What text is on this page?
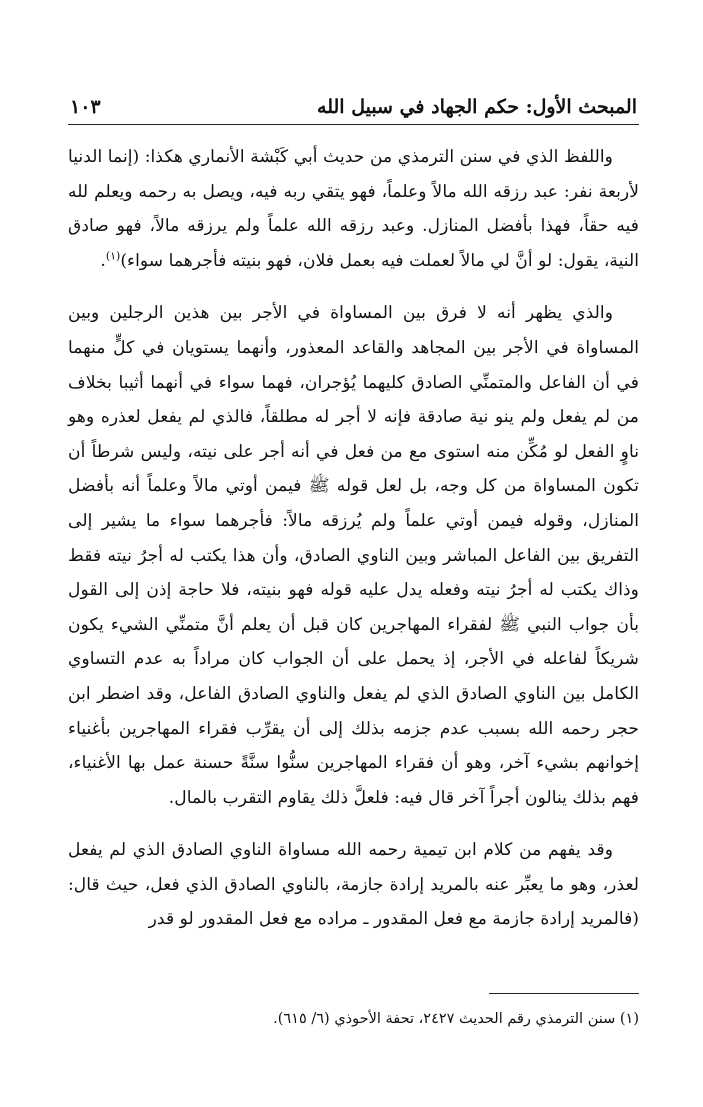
المبحث الأول: حكم الجهاد في سبيل الله
١٠٣

واللفظ الذي في سنن الترمذي من حديث أبي كَبْشة الأنماري هكذا: (إنما الدنيا لأربعة نفر: عبد رزقه الله مالاً وعلماً، فهو يتقي ربه فيه، ويصل به رحمه ويعلم لله فيه حقاً، فهذا بأفضل المنازل. وعبد رزقه الله علماً ولم يرزقه مالاً، فهو صادق النية، يقول: لو أنَّ لي مالاً لعملت فيه بعمل فلان، فهو بنيته فأجرهما سواء)$^{(١)}$.

والذي يظهر أنه لا فرق بين المساواة في الأجر بين هذين الرجلين وبين المساواة في الأجر بين المجاهد والقاعد المعذور، وأنهما يستويان في كلٍّ منهما في أن الفاعل والمتمنِّي الصادق كليهما يُؤجران، فهما سواء في أنهما أثيبا بخلاف من لم يفعل ولم ينو نية صادقة فإنه لا أجر له مطلقاً، فالذي لم يفعل لعذره وهو ناوٍ الفعل لو مُكِّن منه استوى مع من فعل في أنه أجر على نيته، وليس شرطاً أن تكون المساواة من كل وجه، بل لعل قوله ﷺ فيمن أوتي مالاً وعلماً أنه بأفضل المنازل، وقوله فيمن أوتي علماً ولم يُرزقه مالاً: فأجرهما سواء ما يشير إلى التفريق بين الفاعل المباشر وبين الناوي الصادق، وأن هذا يكتب له أجرُ نيته فقط وذاك يكتب له أجرُ نيته وفعله يدل عليه قوله فهو بنيته، فلا حاجة إذن إلى القول بأن جواب النبي ﷺ لفقراء المهاجرين كان قبل أن يعلم أنَّ متمنِّي الشيء يكون شريكاً لفاعله في الأجر، إذ يحمل على أن الجواب كان مراداً به عدم التساوي الكامل بين الناوي الصادق الذي لم يفعل والناوي الصادق الفاعل، وقد اضطر ابن حجر رحمه الله بسبب عدم جزمه بذلك إلى أن يقرِّب فقراء المهاجرين بأغنياء إخوانهم بشيء آخر، وهو أن فقراء المهاجرين سنُّوا سنَّةً حسنة عمل بها الأغنياء، فهم بذلك ينالون أجراً آخر قال فيه: فلعلَّ ذلك يقاوم التقرب بالمال.

وقد يفهم من كلام ابن تيمية رحمه الله مساواة الناوي الصادق الذي لم يفعل لعذر، وهو ما يعبِّر عنه بالمريد إرادة جازمة، بالناوي الصادق الذي فعل، حيث قال: (فالمريد إرادة جازمة مع فعل المقدور ـ مراده مع فعل المقدور لو قدر

(١) سنن الترمذي رقم الحديث ٢٤٢٧، تحفة الأحوذي (٦/ ٦١٥).
